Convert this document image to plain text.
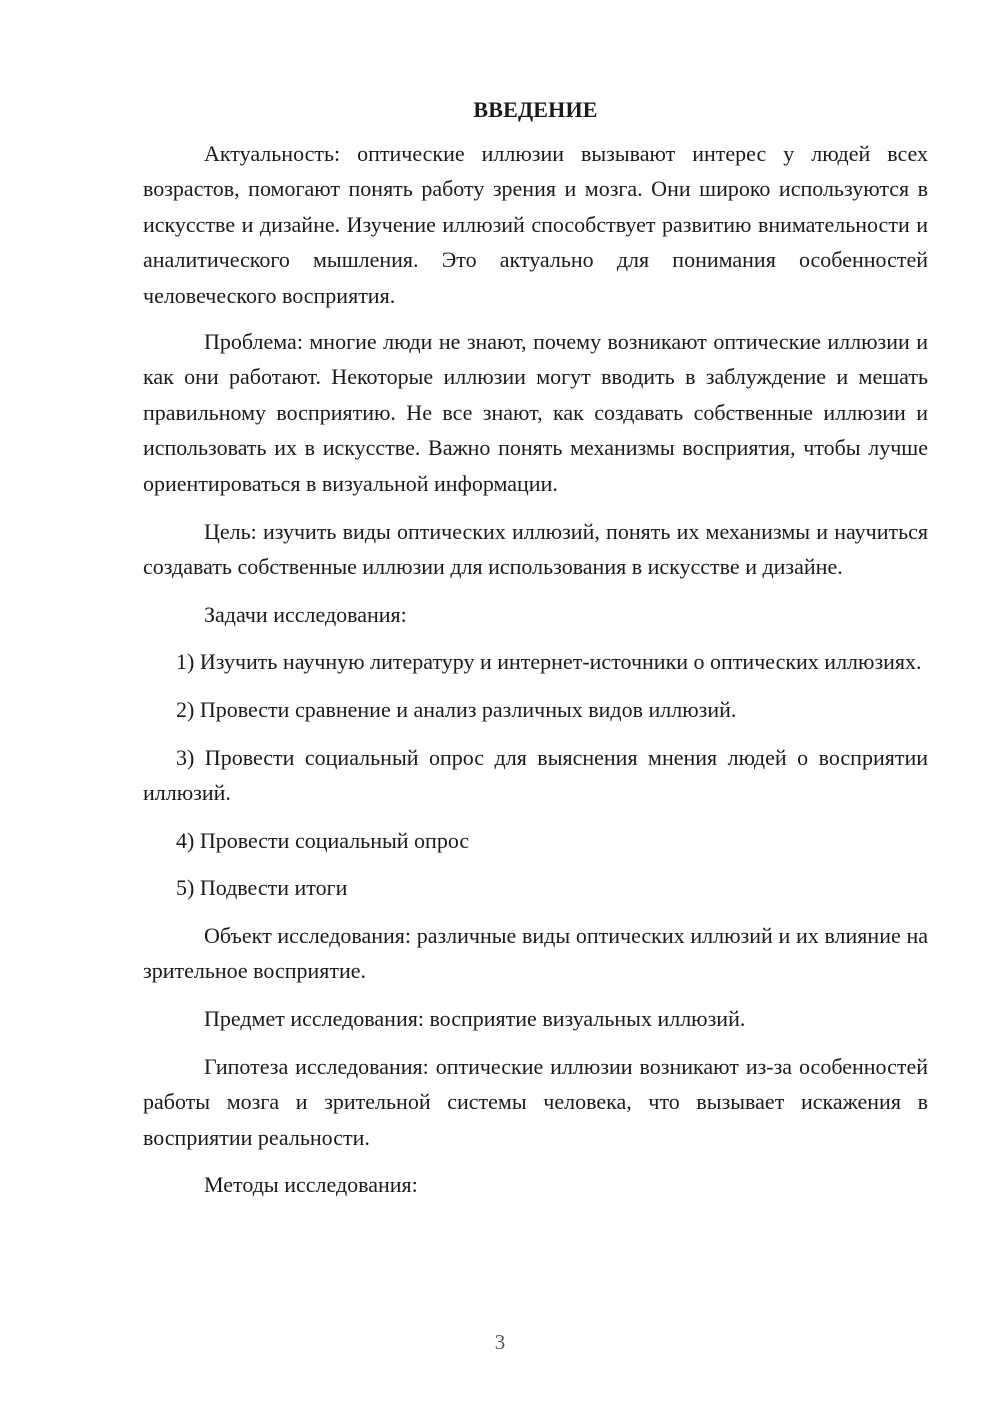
ВВЕДЕНИЕ

Актуальность: оптические иллюзии вызывают интерес у людей всех возрастов, помогают понять работу зрения и мозга. Они широко используются в искусстве и дизайне. Изучение иллюзий способствует развитию внимательности и аналитического мышления. Это актуально для понимания особенностей человеческого восприятия.

Проблема: многие люди не знают, почему возникают оптические иллюзии и как они работают. Некоторые иллюзии могут вводить в заблуждение и мешать правильному восприятию. Не все знают, как создавать собственные иллюзии и использовать их в искусстве. Важно понять механизмы восприятия, чтобы лучше ориентироваться в визуальной информации.

Цель: изучить виды оптических иллюзий, понять их механизмы и научиться создавать собственные иллюзии для использования в искусстве и дизайне.

Задачи исследования:

1) Изучить научную литературу и интернет-источники о оптических иллюзиях.

2) Провести сравнение и анализ различных видов иллюзий.

3) Провести социальный опрос для выяснения мнения людей о восприятии иллюзий.

4) Провести социальный опрос

5) Подвести итоги

Объект исследования: различные виды оптических иллюзий и их влияние на зрительное восприятие.

Предмет исследования: восприятие визуальных иллюзий.

Гипотеза исследования: оптические иллюзии возникают из-за особенностей работы мозга и зрительной системы человека, что вызывает искажения в восприятии реальности.

Методы исследования:

3
